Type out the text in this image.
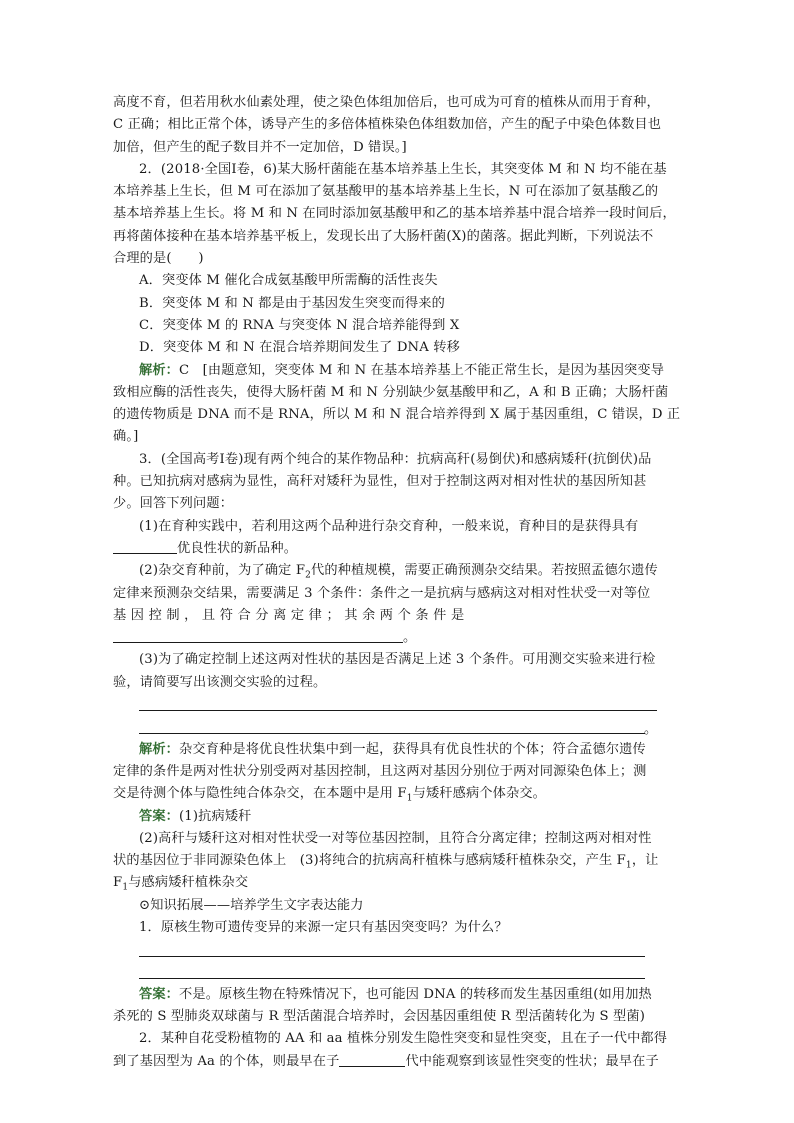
高度不育，但若用秋水仙素处理，使之染色体组加倍后，也可成为可育的植株从而用于育种，
C 正确；相比正常个体，诱导产生的多倍体植株染色体组数加倍，产生的配子中染色体数目也
加倍，但产生的配子数目并不一定加倍，D 错误。]
2．(2018·全国Ⅰ卷，6)某大肠杆菌能在基本培养基上生长，其突变体 M 和 N 均不能在基
本培养基上生长，但 M 可在添加了氨基酸甲的基本培养基上生长，N 可在添加了氨基酸乙的
基本培养基上生长。将 M 和 N 在同时添加氨基酸甲和乙的基本培养基中混合培养一段时间后，
再将菌体接种在基本培养基平板上，发现长出了大肠杆菌(X)的菌落。据此判断，下列说法不
合理的是(　　)
A．突变体 M 催化合成氨基酸甲所需酶的活性丧失
B．突变体 M 和 N 都是由于基因发生突变而得来的
C．突变体 M 的 RNA 与突变体 N 混合培养能得到 X
D．突变体 M 和 N 在混合培养期间发生了 DNA 转移
解析：C　[由题意知，突变体 M 和 N 在基本培养基上不能正常生长，是因为基因突变导
致相应酶的活性丧失，使得大肠杆菌 M 和 N 分别缺少氨基酸甲和乙，A 和 B 正确；大肠杆菌
的遗传物质是 DNA 而不是 RNA，所以 M 和 N 混合培养得到 X 属于基因重组，C 错误，D 正
确。]
3．(全国高考Ⅰ卷)现有两个纯合的某作物品种：抗病高秆(易倒伏)和感病矮秆(抗倒伏)品
种。已知抗病对感病为显性，高秆对矮秆为显性，但对于控制这两对相对性状的基因所知甚
少。回答下列问题：
(1)在育种实践中，若利用这两个品种进行杂交育种，一般来说，育种目的是获得具有
优良性状的新品种。
(2)杂交育种前，为了确定 $F_2$代的种植规模，需要正确预测杂交结果。若按照孟德尔遗传
定律来预测杂交结果，需要满足 3 个条件：条件之一是抗病与感病这对相对性状受一对等位
基因控制，且符合分离定律；其余两个条件是
。
(3)为了确定控制上述这两对性状的基因是否满足上述 3 个条件。可用测交实验来进行检
验，请简要写出该测交实验的过程。
。
解析：杂交育种是将优良性状集中到一起，获得具有优良性状的个体；符合孟德尔遗传
定律的条件是两对性状分别受两对基因控制，且这两对基因分别位于两对同源染色体上；测
交是待测个体与隐性纯合体杂交，在本题中是用 $F_1$与矮秆感病个体杂交。
答案：(1)抗病矮秆
(2)高秆与矮秆这对相对性状受一对等位基因控制，且符合分离定律；控制这两对相对性
状的基因位于非同源染色体上　(3)将纯合的抗病高秆植株与感病矮秆植株杂交，产生 $F_1$，让
$F_1$与感病矮秆植株杂交
⊙知识拓展——培养学生文字表达能力
1．原核生物可遗传变异的来源一定只有基因突变吗？为什么？
答案：不是。原核生物在特殊情况下，也可能因 DNA 的转移而发生基因重组(如用加热
杀死的 S 型肺炎双球菌与 R 型活菌混合培养时，会因基因重组使 R 型活菌转化为 S 型菌)
2．某种自花受粉植物的 AA 和 aa 植株分别发生隐性突变和显性突变，且在子一代中都得
到了基因型为 Aa 的个体，则最早在子	代中能观察到该显性突变的性状；最早在子
